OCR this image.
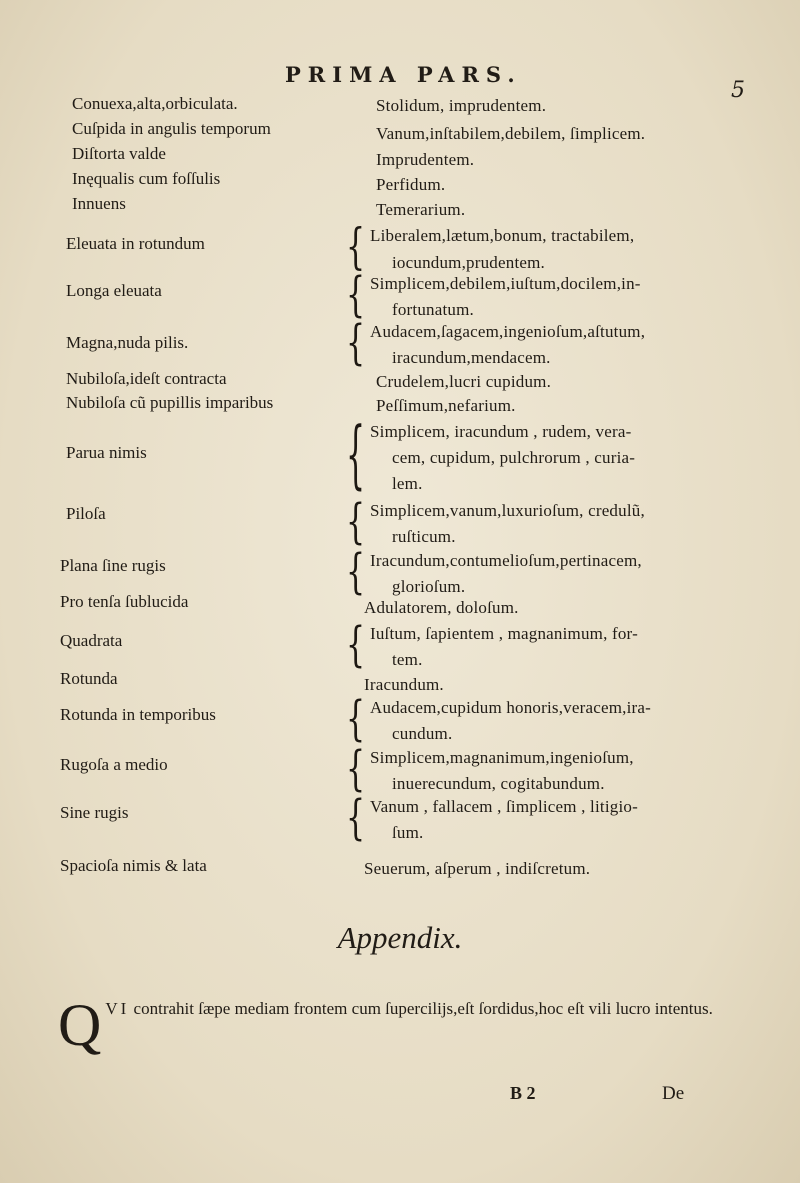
PRIMA PARS.
5
Conuexa,alta,orbiculata.
Cuſpida in angulis temporum
Diſtorta valde
Inęqualis cum foſſulis
Innuens
Eleuata in rotundum
Longa eleuata
Magna,nuda pilis.
Nubiloſa,ideſt contracta
Nubiloſa cũ pupillis imparibus
Parua nimis
Piloſa
Plana ſine rugis
Pro tenſa ſublucida
Quadrata
Rotunda
Rotunda in temporibus
Rugoſa a medio
Sine rugis
Spacioſa nimis & lata
Stolidum, imprudentem.
Vanum,inſtabilem,debilem, ſimplicem.
Imprudentem.
Perfidum.
Temerarium.
Liberalem,lætum,bonum, tractabilem,
iocundum,prudentem.
{
Simplicem,debilem,iuſtum,docilem,in-
fortunatum.
{
Audacem,ſagacem,ingenioſum,aſtutum,
iracundum,mendacem.
{
Crudelem,lucri cupidum.
Peſſimum,nefarium.
Simplicem, iracundum , rudem, vera-
cem, cupidum, pulchrorum , curia-
lem.
{
Simplicem,vanum,luxurioſum, credulũ,
ruſticum.
{
Iracundum,contumelioſum,pertinacem,
glorioſum.
{
Adulatorem, doloſum.
Iuſtum, ſapientem , magnanimum, for-
tem.
{
Iracundum.
Audacem,cupidum honoris,veracem,ira-
cundum.
{
Simplicem,magnanimum,ingenioſum,
inuerecundum, cogitabundum.
{
Vanum , fallacem , ſimplicem , litigio-
ſum.
{
Seuerum, aſperum , indiſcretum.
Appendix.
QVI contrahit ſæpe mediam frontem cum ſupercilijs,eſt ſordidus,hoc eſt vili lucro intentus.
B 2	De
